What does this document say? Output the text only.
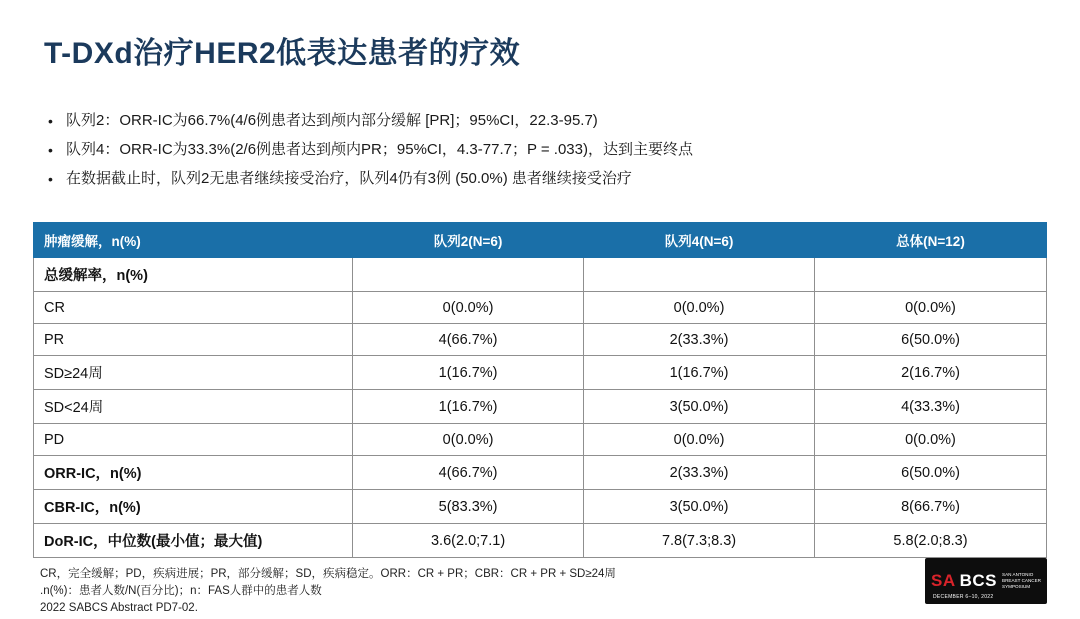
T-DXd治疗HER2低表达患者的疗效
• 队列2：ORR-IC为66.7%(4/6例患者达到颅内部分缓解 [PR]；95%CI，22.3-95.7)
• 队列4：ORR-IC为33.3%(2/6例患者达到颅内PR；95%CI，4.3-77.7；P = .033)，达到主要终点
• 在数据截止时，队列2无患者继续接受治疗，队列4仍有3例 (50.0%) 患者继续接受治疗
肿瘤缓解，n(%)	队列2(N=6)	队列4(N=6)	总体(N=12)
总缓解率，n(%)			
CR	0(0.0%)	0(0.0%)	0(0.0%)
PR	4(66.7%)	2(33.3%)	6(50.0%)
SD≥24周	1(16.7%)	1(16.7%)	2(16.7%)
SD<24周	1(16.7%)	3(50.0%)	4(33.3%)
PD	0(0.0%)	0(0.0%)	0(0.0%)
ORR-IC，n(%)	4(66.7%)	2(33.3%)	6(50.0%)
CBR-IC，n(%)	5(83.3%)	3(50.0%)	8(66.7%)
DoR-IC，中位数(最小值；最大值)	3.6(2.0;7.1)	7.8(7.3;8.3)	5.8(2.0;8.3)
CR，完全缓解；PD，疾病进展；PR，部分缓解；SD，疾病稳定。ORR：CR + PR；CBR：CR + PR + SD≥24周
.n(%)：患者人数/N(百分比)；n：FAS人群中的患者人数
2022 SABCS Abstract PD7-02.
SA BCS SAN ANTONIO BREAST CANCER SYMPOSIUM
DECEMBER 6–10, 2022
